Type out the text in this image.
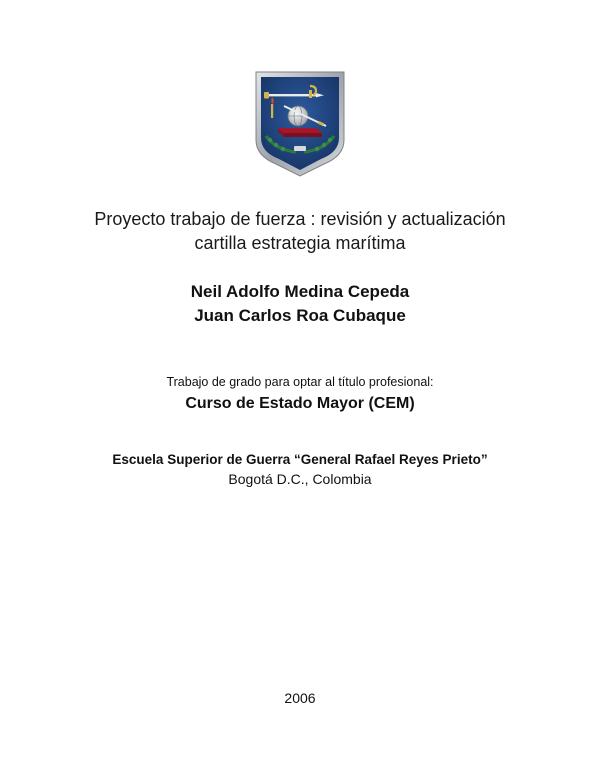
Proyecto trabajo de fuerza : revisión y actualización
cartilla estrategia marítima
Neil Adolfo Medina Cepeda
Juan Carlos Roa Cubaque
Trabajo de grado para optar al título profesional:
Curso de Estado Mayor (CEM)
Escuela Superior de Guerra “General Rafael Reyes Prieto”
Bogotá D.C., Colombia
2006
